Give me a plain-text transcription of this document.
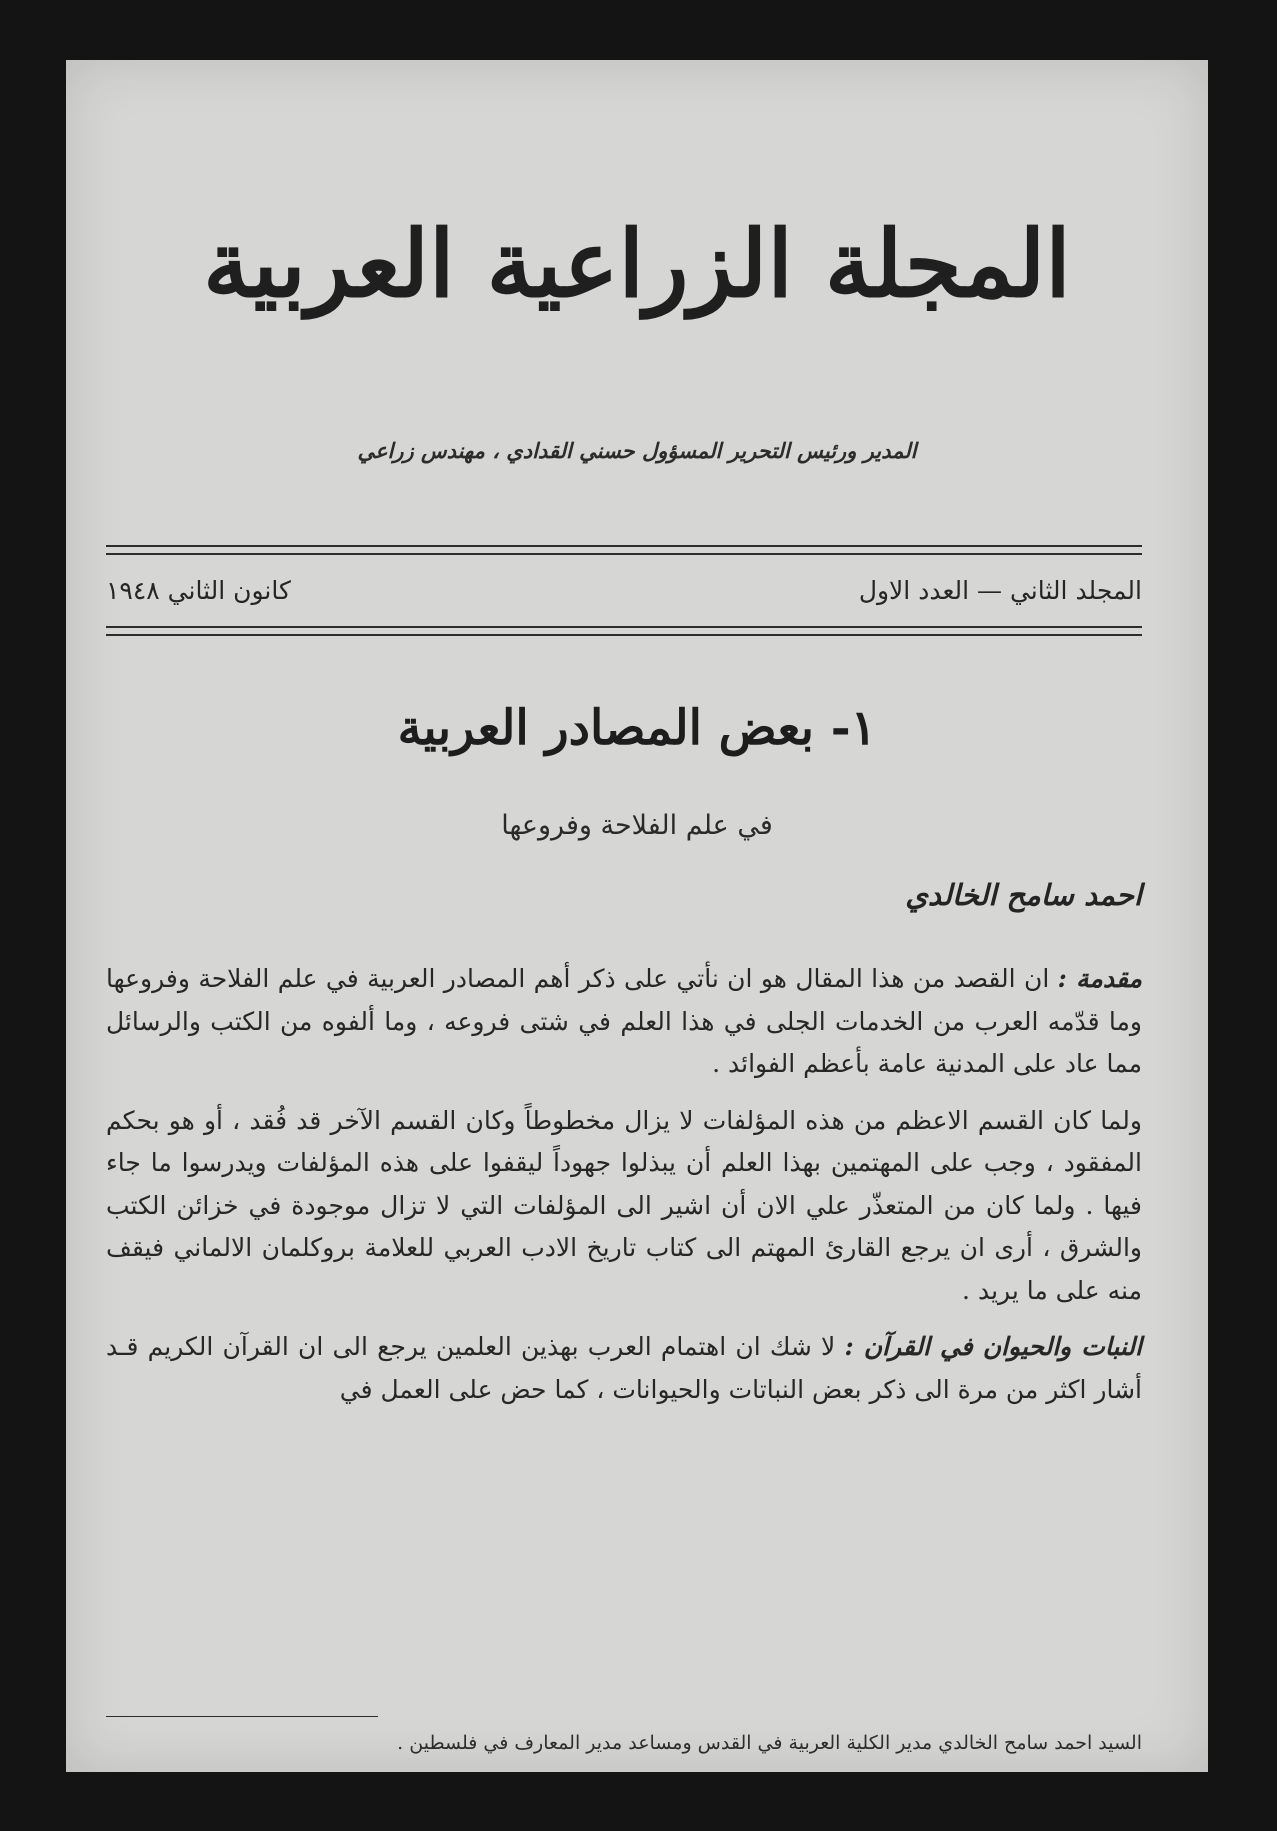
المجلة الزراعية العربية
المدير ورئيس التحرير المسؤول حسني القدادي ، مهندس زراعي
المجلد الثاني — العدد الاول
كانون الثاني ١٩٤٨
١- بعض المصادر العربية
في علم الفلاحة وفروعها
احمد سامح الخالدي

مقدمة : ان القصد من هذا المقال هو ان نأتي على ذكر أهم المصادر العربية في علم الفلاحة وفروعها وما قدّمه العرب من الخدمات الجلى في هذا العلم في شتى فروعه ، وما ألفوه من الكتب والرسائل مما عاد على المدنية عامة بأعظم الفوائد .

ولما كان القسم الاعظم من هذه المؤلفات لا يزال مخطوطاً وكان القسم الآخر قد فُقد ، أو هو بحكم المفقود ، وجب على المهتمين بهذا العلم أن يبذلوا جهوداً ليقفوا على هذه المؤلفات ويدرسوا ما جاء فيها . ولما كان من المتعذّر علي الان أن اشير الى المؤلفات التي لا تزال موجودة في خزائن الكتب والشرق ، أرى ان يرجع القارئ المهتم الى كتاب تاريخ الادب العربي للعلامة بروكلمان الالماني فيقف منه على ما يريد .

النبات والحيوان في القرآن : لا شك ان اهتمام العرب بهذين العلمين يرجع الى ان القرآن الكريم قـد أشار اكثر من مرة الى ذكر بعض النباتات والحيوانات ، كما حض على العمل في

السيد احمد سامح الخالدي مدير الكلية العربية في القدس ومساعد مدير المعارف في فلسطين .
